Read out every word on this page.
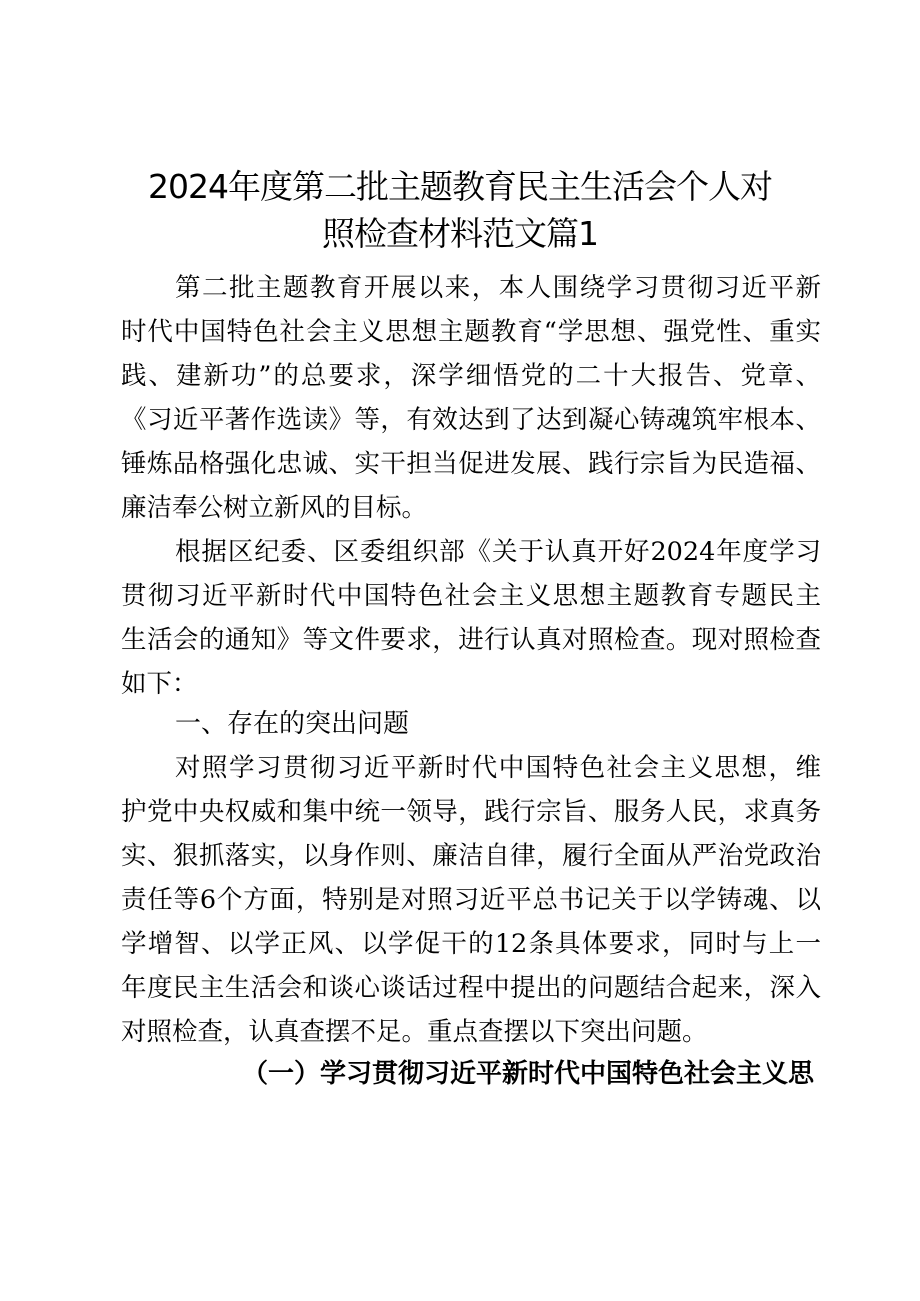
2024年度第二批主题教育民主生活会个人对
照检查材料范文篇1
第二批主题教育开展以来，本人围绕学习贯彻习近平新
时代中国特色社会主义思想主题教育“学思想、强党性、重实
践、建新功”的总要求，深学细悟党的二十大报告、党章、
《习近平著作选读》等，有效达到了达到凝心铸魂筑牢根本、
锤炼品格强化忠诚、实干担当促进发展、践行宗旨为民造福、
廉洁奉公树立新风的目标。
根据区纪委、区委组织部《关于认真开好2024年度学习
贯彻习近平新时代中国特色社会主义思想主题教育专题民主
生活会的通知》等文件要求，进行认真对照检查。现对照检查
如下：
一、存在的突出问题
对照学习贯彻习近平新时代中国特色社会主义思想，维
护党中央权威和集中统一领导，践行宗旨、服务人民，求真务
实、狠抓落实，以身作则、廉洁自律，履行全面从严治党政治
责任等6个方面，特别是对照习近平总书记关于以学铸魂、以
学增智、以学正风、以学促干的12条具体要求，同时与上一
年度民主生活会和谈心谈话过程中提出的问题结合起来，深入
对照检查，认真查摆不足。重点查摆以下突出问题。
（一）学习贯彻习近平新时代中国特色社会主义思
